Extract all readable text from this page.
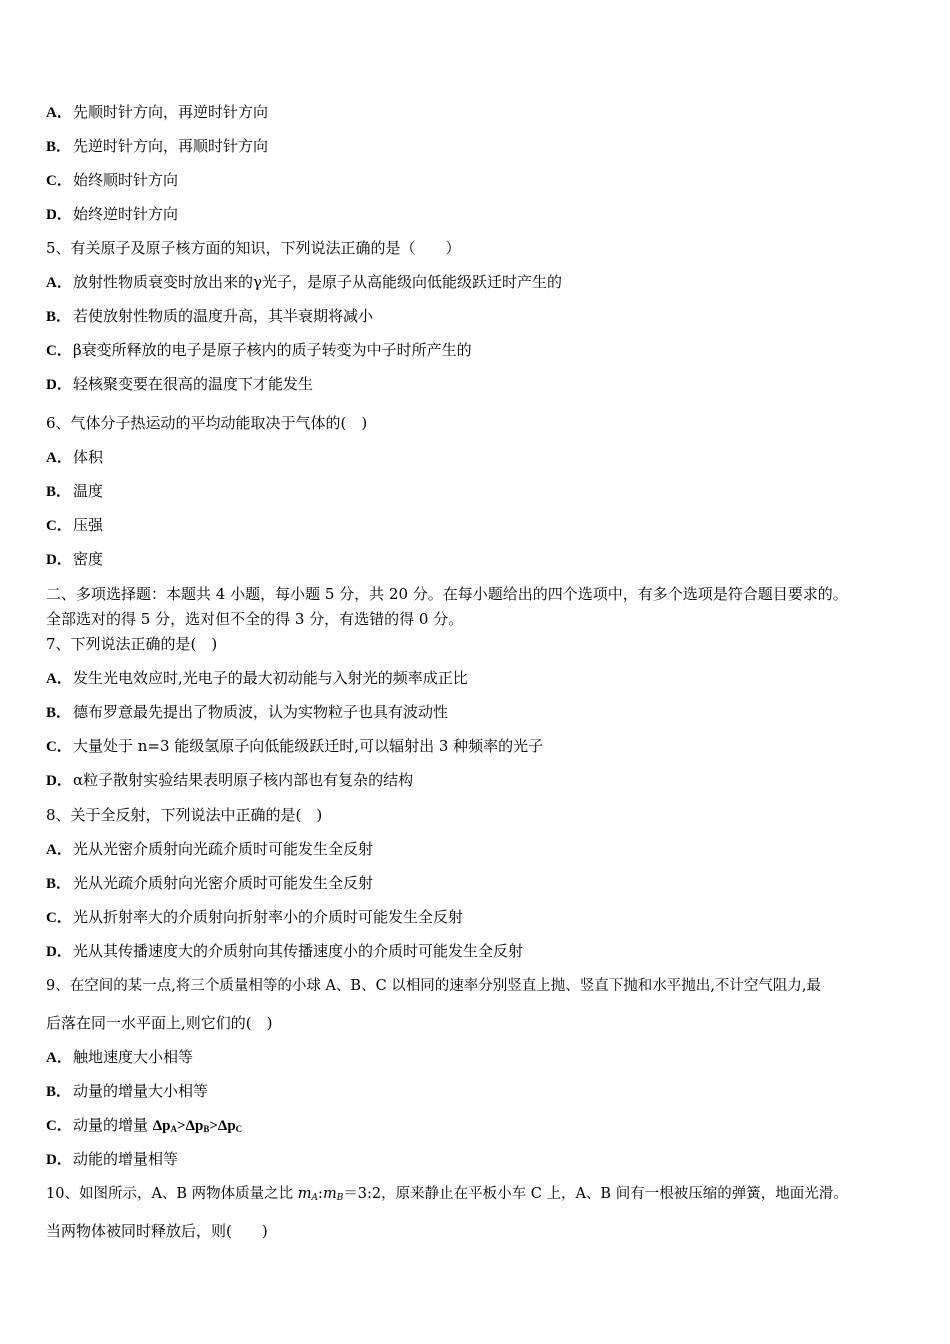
A．先顺时针方向，再逆时针方向
B． 先逆时针方向，再顺时针方向
C．始终顺时针方向
D．始终逆时针方向
5、有关原子及原子核方面的知识，下列说法正确的是（　　）
A．放射性物质衰变时放出来的γ光子，是原子从高能级向低能级跃迁时产生的
B． 若使放射性物质的温度升高，其半衰期将减小
C．β衰变所释放的电子是原子核内的质子转变为中子时所产生的
D．轻核聚变要在很高的温度下才能发生
6、气体分子热运动的平均动能取决于气体的(　)
A．体积
B． 温度
C．压强
D．密度
二、多项选择题：本题共 4 小题，每小题 5 分，共 20 分。在每小题给出的四个选项中，有多个选项是符合题目要求的。
全部选对的得 5 分，选对但不全的得 3 分，有选错的得 0 分。
7、下列说法正确的是(　)
A．发生光电效应时,光电子的最大初动能与入射光的频率成正比
B． 德布罗意最先提出了物质波，认为实物粒子也具有波动性
C．大量处于 n=3 能级氢原子向低能级跃迁时,可以辐射出 3 种频率的光子
D．α粒子散射实验结果表明原子核内部也有复杂的结构
8、关于全反射，下列说法中正确的是(　)
A．光从光密介质射向光疏介质时可能发生全反射
B． 光从光疏介质射向光密介质时可能发生全反射
C．光从折射率大的介质射向折射率小的介质时可能发生全反射
D．光从其传播速度大的介质射向其传播速度小的介质时可能发生全反射
9、在空间的某一点,将三个质量相等的小球 A、B、C 以相同的速率分别竖直上抛、竖直下抛和水平抛出,不计空气阻力,最
后落在同一水平面上,则它们的(　)
A．触地速度大小相等
B． 动量的增量大小相等
C．动量的增量 $\Delta p_A>\Delta p_B>\Delta p_C$
D．动能的增量相等
10、如图所示，A、B 两物体质量之比 $m_A:m_B=3:2$，原来静止在平板小车 C 上，A、B 间有一根被压缩的弹簧，地面光滑。
当两物体被同时释放后，则(　　)
